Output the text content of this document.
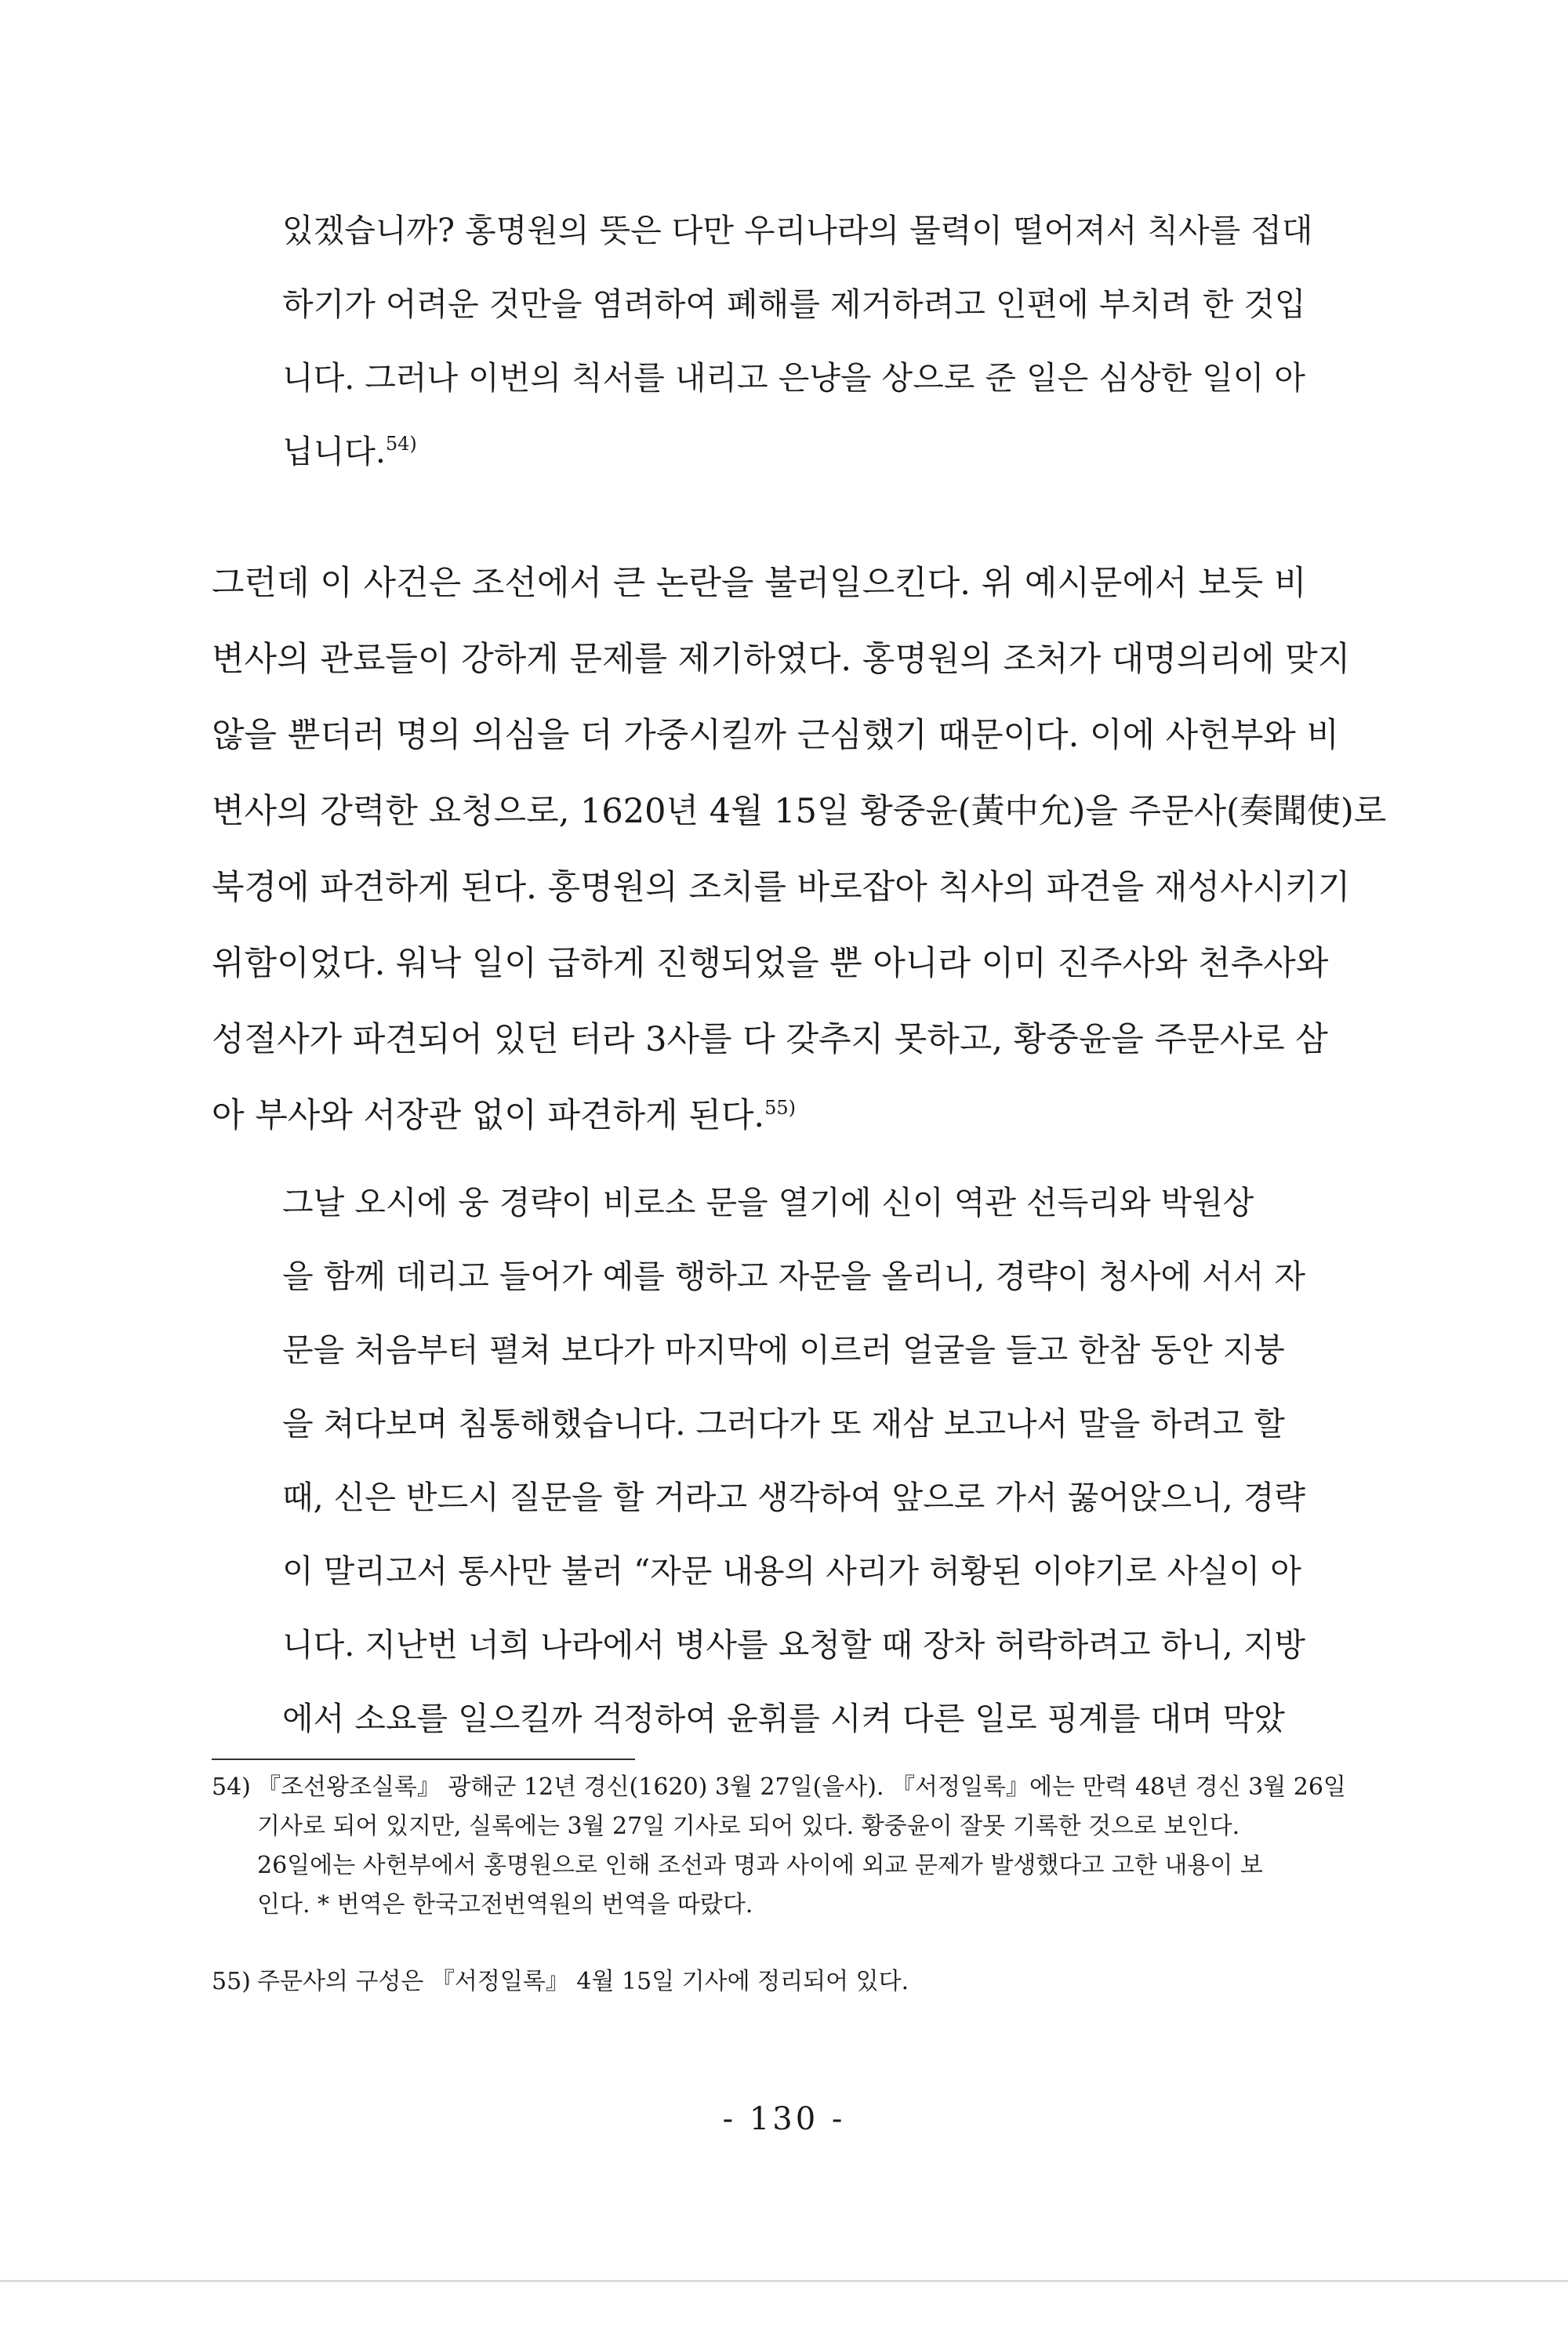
있겠습니까? 홍명원의 뜻은 다만 우리나라의 물력이 떨어져서 칙사를 접대
하기가 어려운 것만을 염려하여 폐해를 제거하려고 인편에 부치려 한 것입
니다. 그러나 이번의 칙서를 내리고 은냥을 상으로 준 일은 심상한 일이 아
닙니다.$^{54)}$
그런데 이 사건은 조선에서 큰 논란을 불러일으킨다. 위 예시문에서 보듯 비
변사의 관료들이 강하게 문제를 제기하였다. 홍명원의 조처가 대명의리에 맞지
않을 뿐더러 명의 의심을 더 가중시킬까 근심했기 때문이다. 이에 사헌부와 비
변사의 강력한 요청으로, 1620년 4월 15일 황중윤(黃中允)을 주문사(奏聞使)로
북경에 파견하게 된다. 홍명원의 조치를 바로잡아 칙사의 파견을 재성사시키기
위함이었다. 워낙 일이 급하게 진행되었을 뿐 아니라 이미 진주사와 천추사와
성절사가 파견되어 있던 터라 3사를 다 갖추지 못하고, 황중윤을 주문사로 삼
아 부사와 서장관 없이 파견하게 된다.$^{55)}$
그날 오시에 웅 경략이 비로소 문을 열기에 신이 역관 선득리와 박원상
을 함께 데리고 들어가 예를 행하고 자문을 올리니, 경략이 청사에 서서 자
문을 처음부터 펼쳐 보다가 마지막에 이르러 얼굴을 들고 한참 동안 지붕
을 쳐다보며 침통해했습니다. 그러다가 또 재삼 보고나서 말을 하려고 할
때, 신은 반드시 질문을 할 거라고 생각하여 앞으로 가서 꿇어앉으니, 경략
이 말리고서 통사만 불러 “자문 내용의 사리가 허황된 이야기로 사실이 아
니다. 지난번 너희 나라에서 병사를 요청할 때 장차 허락하려고 하니, 지방
에서 소요를 일으킬까 걱정하여 윤휘를 시켜 다른 일로 핑계를 대며 막았
54) 『조선왕조실록』 광해군 12년 경신(1620) 3월 27일(을사). 『서정일록』에는 만력 48년 경신 3월 26일
기사로 되어 있지만, 실록에는 3월 27일 기사로 되어 있다. 황중윤이 잘못 기록한 것으로 보인다.
26일에는 사헌부에서 홍명원으로 인해 조선과 명과 사이에 외교 문제가 발생했다고 고한 내용이 보
인다. * 번역은 한국고전번역원의 번역을 따랐다.
55) 주문사의 구성은 『서정일록』 4월 15일 기사에 정리되어 있다.
- 130 -
